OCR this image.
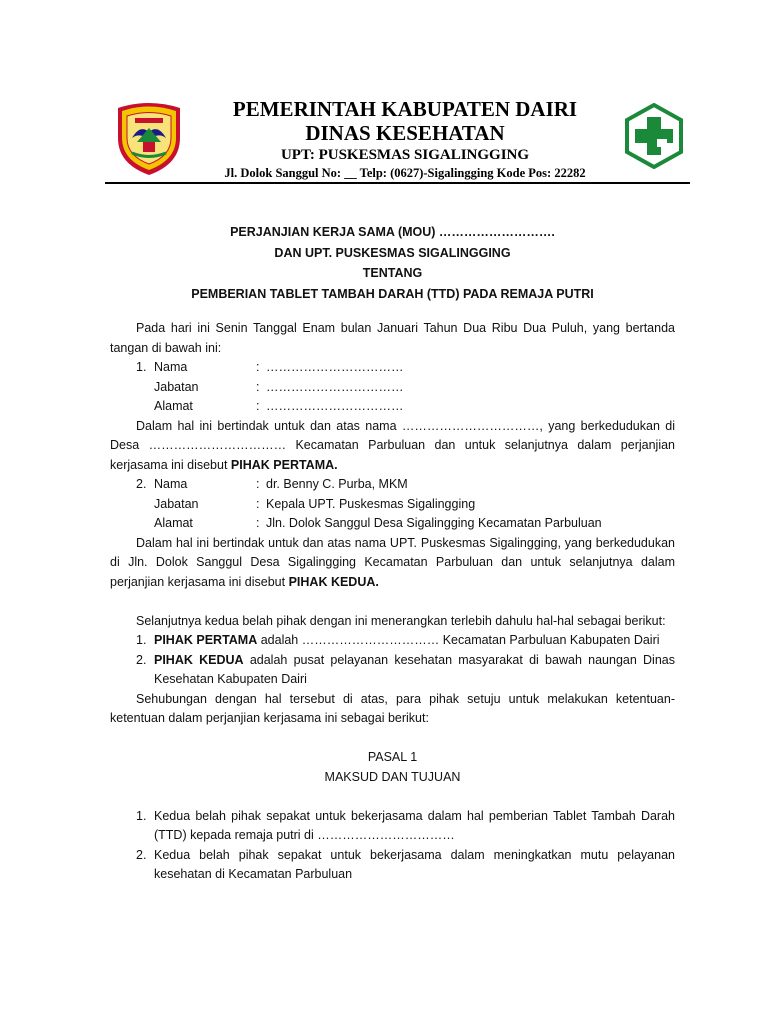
PEMERINTAH KABUPATEN DAIRI
DINAS KESEHATAN
UPT: PUSKESMAS SIGALINGGING
Jl. Dolok Sanggul No: __ Telp: (0627)-Sigalingging Kode Pos: 22282
PERJANJIAN KERJA SAMA (MOU) ……………………….
DAN UPT. PUSKESMAS SIGALINGGING
TENTANG
PEMBERIAN TABLET TAMBAH DARAH (TTD) PADA REMAJA PUTRI
Pada hari ini Senin Tanggal Enam bulan Januari Tahun Dua Ribu Dua Puluh, yang bertanda tangan di bawah ini:
1. Nama	: ……………………………
Jabatan	: ……………………………
Alamat	: ……………………………
Dalam hal ini bertindak untuk dan atas nama ……………………………, yang berkedudukan di Desa …………………………… Kecamatan Parbuluan dan untuk selanjutnya dalam perjanjian kerjasama ini disebut PIHAK PERTAMA.
2. Nama	: dr. Benny C. Purba, MKM
Jabatan	: Kepala UPT. Puskesmas Sigalingging
Alamat	: Jln. Dolok Sanggul Desa Sigalingging Kecamatan Parbuluan
Dalam hal ini bertindak untuk dan atas nama UPT. Puskesmas Sigalingging, yang berkedudukan di Jln. Dolok Sanggul Desa Sigalingging Kecamatan Parbuluan dan untuk selanjutnya dalam perjanjian kerjasama ini disebut PIHAK KEDUA.
Selanjutnya kedua belah pihak dengan ini menerangkan terlebih dahulu hal-hal sebagai berikut:
1. PIHAK PERTAMA adalah …………………………… Kecamatan Parbuluan Kabupaten Dairi
2. PIHAK KEDUA adalah pusat pelayanan kesehatan masyarakat di bawah naungan Dinas Kesehatan Kabupaten Dairi
Sehubungan dengan hal tersebut di atas, para pihak setuju untuk melakukan ketentuan-ketentuan dalam perjanjian kerjasama ini sebagai berikut:
PASAL 1
MAKSUD DAN TUJUAN
1. Kedua belah pihak sepakat untuk bekerjasama dalam hal pemberian Tablet Tambah Darah (TTD) kepada remaja putri di ……………………………
2. Kedua belah pihak sepakat untuk bekerjasama dalam meningkatkan mutu pelayanan kesehatan di Kecamatan Parbuluan
